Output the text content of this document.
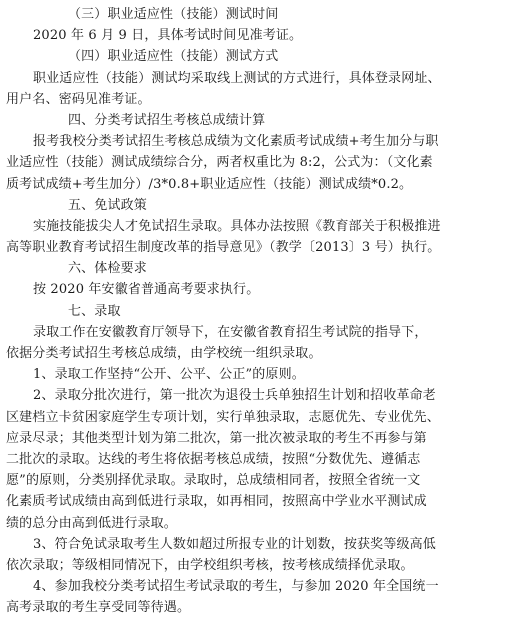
（三）职业适应性（技能）测试时间
2020 年 6 月 9 日，具体考试时间见准考证。
（四）职业适应性（技能）测试方式
职业适应性（技能）测试均采取线上测试的方式进行，具体登录网址、
用户名、密码见准考证。
四、分类考试招生考核总成绩计算
报考我校分类考试招生考核总成绩为文化素质考试成绩+考生加分与职
业适应性（技能）测试成绩综合分，两者权重比为 8:2，公式为：（文化素
质考试成绩+考生加分）/3*0.8+职业适应性（技能）测试成绩*0.2。
五、免试政策
实施技能拔尖人才免试招生录取。具体办法按照《教育部关于积极推进
高等职业教育考试招生制度改革的指导意见》（教学〔2013〕3 号）执行。
六、体检要求
按 2020 年安徽省普通高考要求执行。
七、录取
录取工作在安徽教育厅领导下，在安徽省教育招生考试院的指导下，
依据分类考试招生考核总成绩，由学校统一组织录取。
1、录取工作坚持“公开、公平、公正”的原则。
2、录取分批次进行，第一批次为退役士兵单独招生计划和招收革命老
区建档立卡贫困家庭学生专项计划，实行单独录取，志愿优先、专业优先、
应录尽录；其他类型计划为第二批次，第一批次被录取的考生不再参与第
二批次的录取。达线的考生将依据考核总成绩，按照“分数优先、遵循志
愿”的原则，分类别择优录取。录取时，总成绩相同者，按照全省统一文
化素质考试成绩由高到低进行录取，如再相同，按照高中学业水平测试成
绩的总分由高到低进行录取。
3、符合免试录取考生人数如超过所报专业的计划数，按获奖等级高低
依次录取；等级相同情况下，由学校组织考核，按考核成绩择优录取。
4、参加我校分类考试招生考试录取的考生，与参加 2020 年全国统一
高考录取的考生享受同等待遇。
